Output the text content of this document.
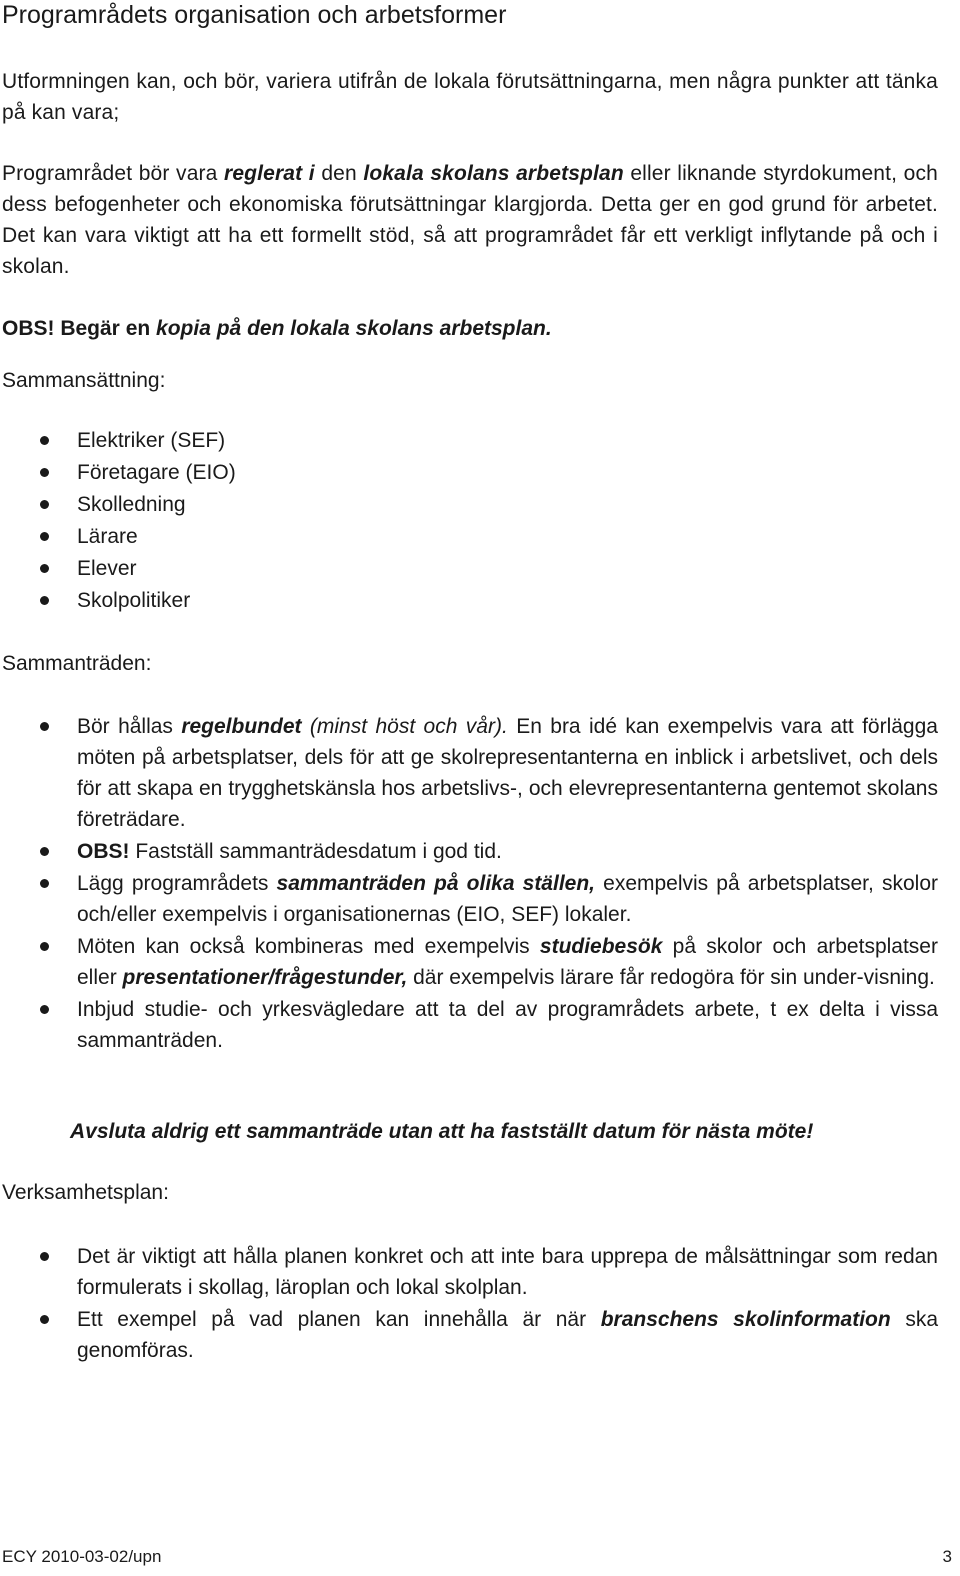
Programrådets organisation och arbetsformer

Utformningen kan, och bör, variera utifrån de lokala förutsättningarna, men några punkter att tänka på kan vara;

Programrådet bör vara reglerat i den lokala skolans arbetsplan eller liknande styrdokument, och dess befogenheter och ekonomiska förutsättningar klargjorda. Detta ger en god grund för arbetet. Det kan vara viktigt att ha ett formellt stöd, så att programrådet får ett verkligt inflytande på och i skolan.

OBS! Begär en kopia på den lokala skolans arbetsplan.

Sammansättning:

Elektriker (SEF)
Företagare (EIO)
Skolledning
Lärare
Elever
Skolpolitiker

Sammanträden:

Bör hållas regelbundet (minst höst och vår). En bra idé kan exempelvis vara att förlägga möten på arbetsplatser, dels för att ge skolrepresentanterna en inblick i arbetslivet, och dels för att skapa en trygghetskänsla hos arbetslivs-, och elevrepresentanterna gentemot skolans företrädare.
OBS! Fastställ sammanträdesdatum i god tid.
Lägg programrådets sammanträden på olika ställen, exempelvis på arbetsplatser, skolor och/eller exempelvis i organisationernas (EIO, SEF) lokaler.
Möten kan också kombineras med exempelvis studiebesök på skolor och arbetsplatser eller presentationer/frågestunder, där exempelvis lärare får redogöra för sin under-visning.
Inbjud studie- och yrkesvägledare att ta del av programrådets arbete, t ex delta i vissa sammanträden.

Avsluta aldrig ett sammanträde utan att ha fastställt datum för nästa möte!

Verksamhetsplan:

Det är viktigt att hålla planen konkret och att inte bara upprepa de målsättningar som redan formulerats i skollag, läroplan och lokal skolplan.
Ett exempel på vad planen kan innehålla är när branschens skolinformation ska genomföras.
ECY 2010-03-02/upn	3
